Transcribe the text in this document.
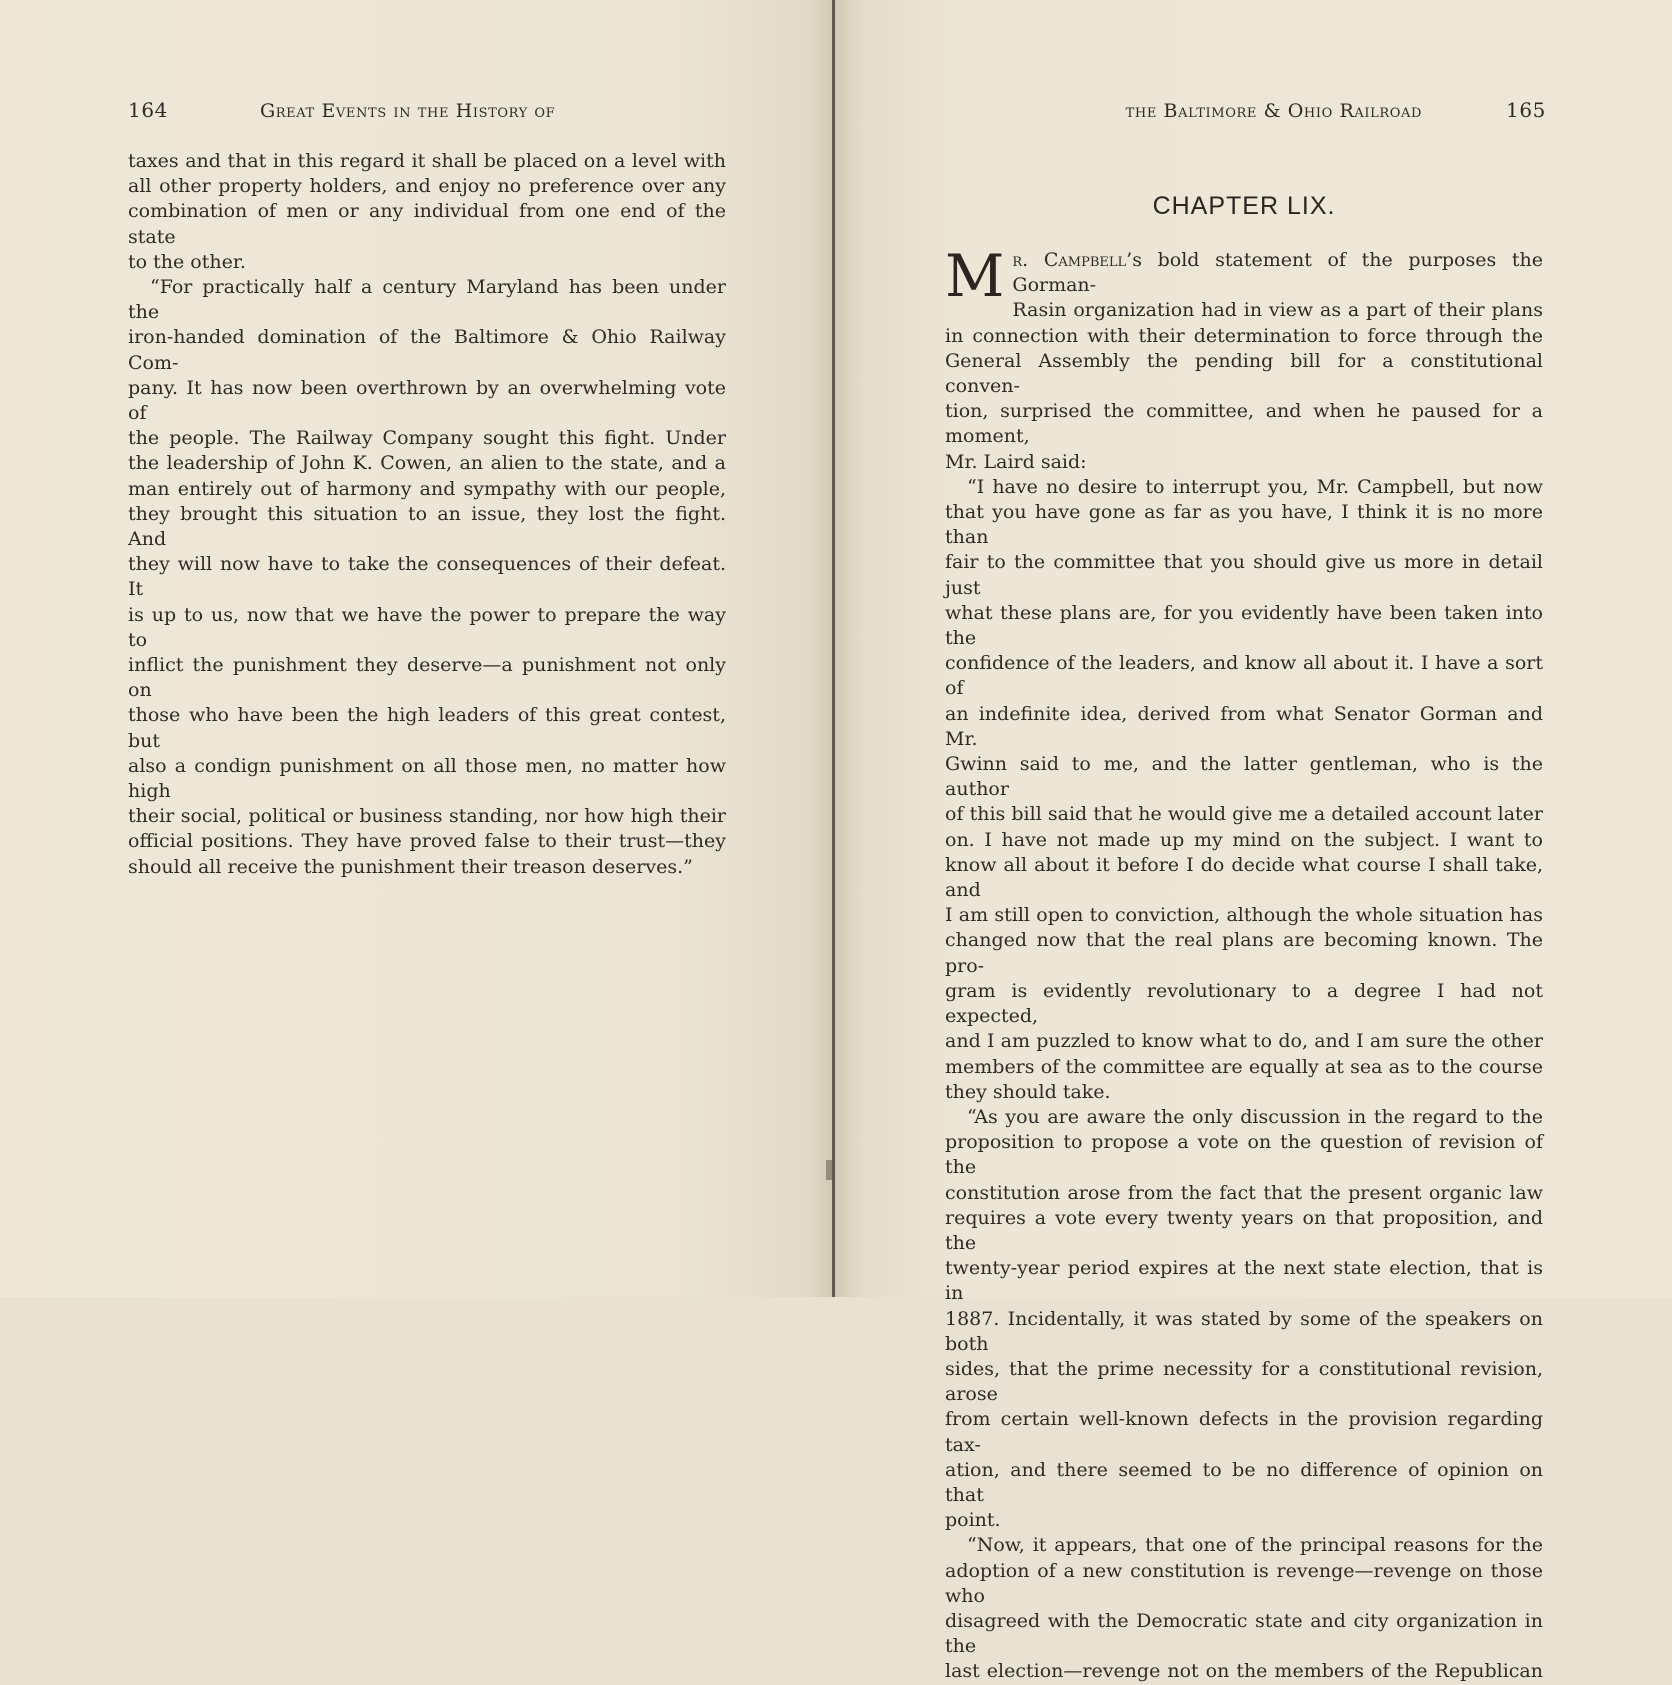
164	Great Events in the History of

taxes and that in this regard it shall be placed on a level with

all other property holders, and enjoy no preference over any

combination of men or any individual from one end of the state

to the other.

“For practically half a century Maryland has been under the

iron-handed domination of the Baltimore & Ohio Railway Com-

pany. It has now been overthrown by an overwhelming vote of

the people. The Railway Company sought this fight. Under

the leadership of John K. Cowen, an alien to the state, and a

man entirely out of harmony and sympathy with our people,

they brought this situation to an issue, they lost the fight. And

they will now have to take the consequences of their defeat. It

is up to us, now that we have the power to prepare the way to

inflict the punishment they deserve—a punishment not only on

those who have been the high leaders of this great contest, but

also a condign punishment on all those men, no matter how high

their social, political or business standing, nor how high their

official positions. They have proved false to their trust—they

should all receive the punishment their treason deserves.”

the Baltimore & Ohio Railroad	165
CHAPTER LIX.
M r. Campbell’s bold statement of the purposes the Gorman-

Rasin organization had in view as a part of their plans

in connection with their determination to force through the

General Assembly the pending bill for a constitutional conven-

tion, surprised the committee, and when he paused for a moment,

Mr. Laird said:

“I have no desire to interrupt you, Mr. Campbell, but now

that you have gone as far as you have, I think it is no more than

fair to the committee that you should give us more in detail just

what these plans are, for you evidently have been taken into the

confidence of the leaders, and know all about it. I have a sort of

an indefinite idea, derived from what Senator Gorman and Mr.

Gwinn said to me, and the latter gentleman, who is the author

of this bill said that he would give me a detailed account later

on. I have not made up my mind on the subject. I want to

know all about it before I do decide what course I shall take, and

I am still open to conviction, although the whole situation has

changed now that the real plans are becoming known. The pro-

gram is evidently revolutionary to a degree I had not expected,

and I am puzzled to know what to do, and I am sure the other

members of the committee are equally at sea as to the course

they should take.

“As you are aware the only discussion in the regard to the

proposition to propose a vote on the question of revision of the

constitution arose from the fact that the present organic law

requires a vote every twenty years on that proposition, and the

twenty-year period expires at the next state election, that is in

1887. Incidentally, it was stated by some of the speakers on both

sides, that the prime necessity for a constitutional revision, arose

from certain well-known defects in the provision regarding tax-

ation, and there seemed to be no difference of opinion on that

point.

“Now, it appears, that one of the principal reasons for the

adoption of a new constitution is revenge—revenge on those who

disagreed with the Democratic state and city organization in the

last election—revenge not on the members of the Republican
